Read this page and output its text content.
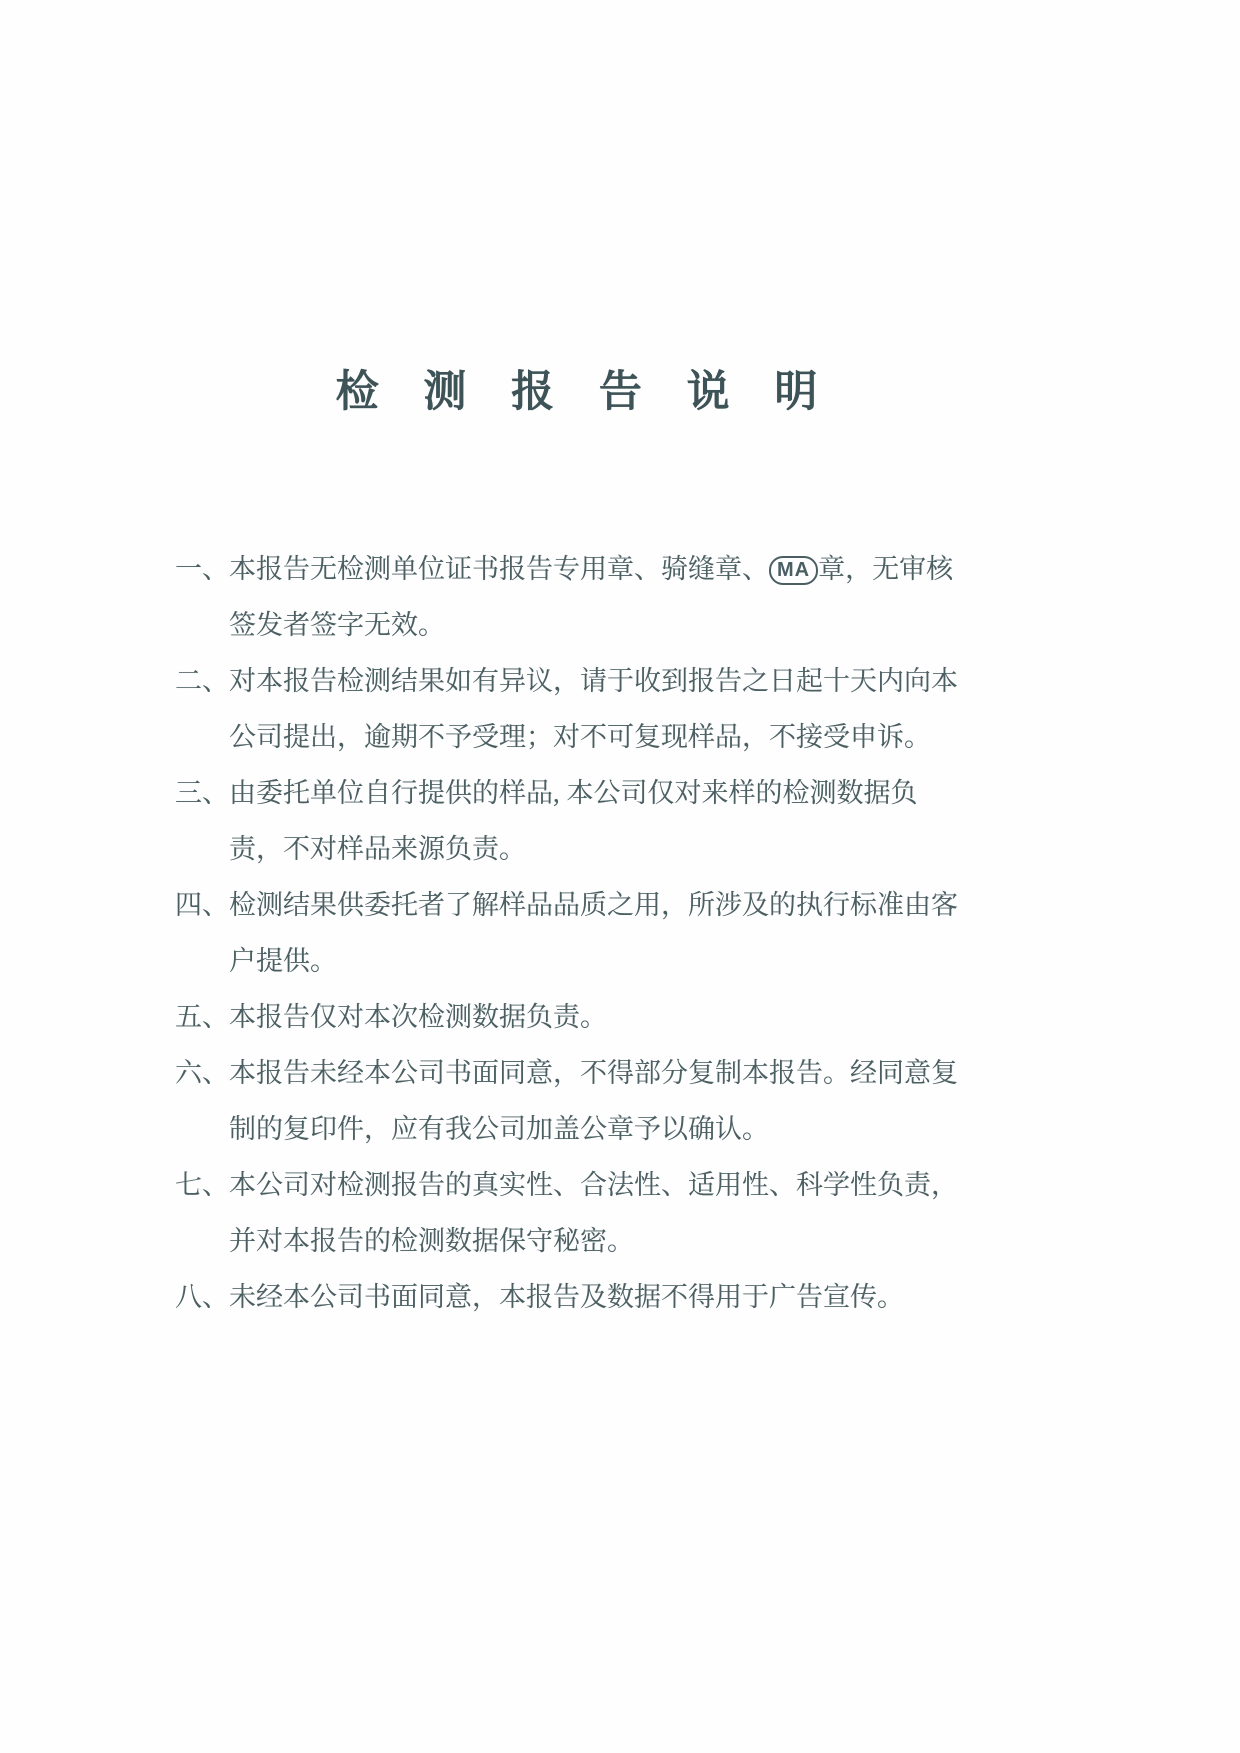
检 测 报 告 说 明
一、 本报告无检测单位证书报告专用章、骑缝章、 MA 章，无审核签发者签字无效。

二、 对本报告检测结果如有异议，请于收到报告之日起十天内向本公司提出，逾期不予受理；对不可复现样品，不接受申诉。

三、 由委托单位自行提供的样品, 本公司仅对来样的检测数据负责，不对样品来源负责。

四、 检测结果供委托者了解样品品质之用，所涉及的执行标准由客户提供。

五、 本报告仅对本次检测数据负责。

六、 本报告未经本公司书面同意，不得部分复制本报告。经同意复制的复印件，应有我公司加盖公章予以确认。

七、 本公司对检测报告的真实性、合法性、适用性、科学性负责，并对本报告的检测数据保守秘密。

八、 未经本公司书面同意，本报告及数据不得用于广告宣传。
